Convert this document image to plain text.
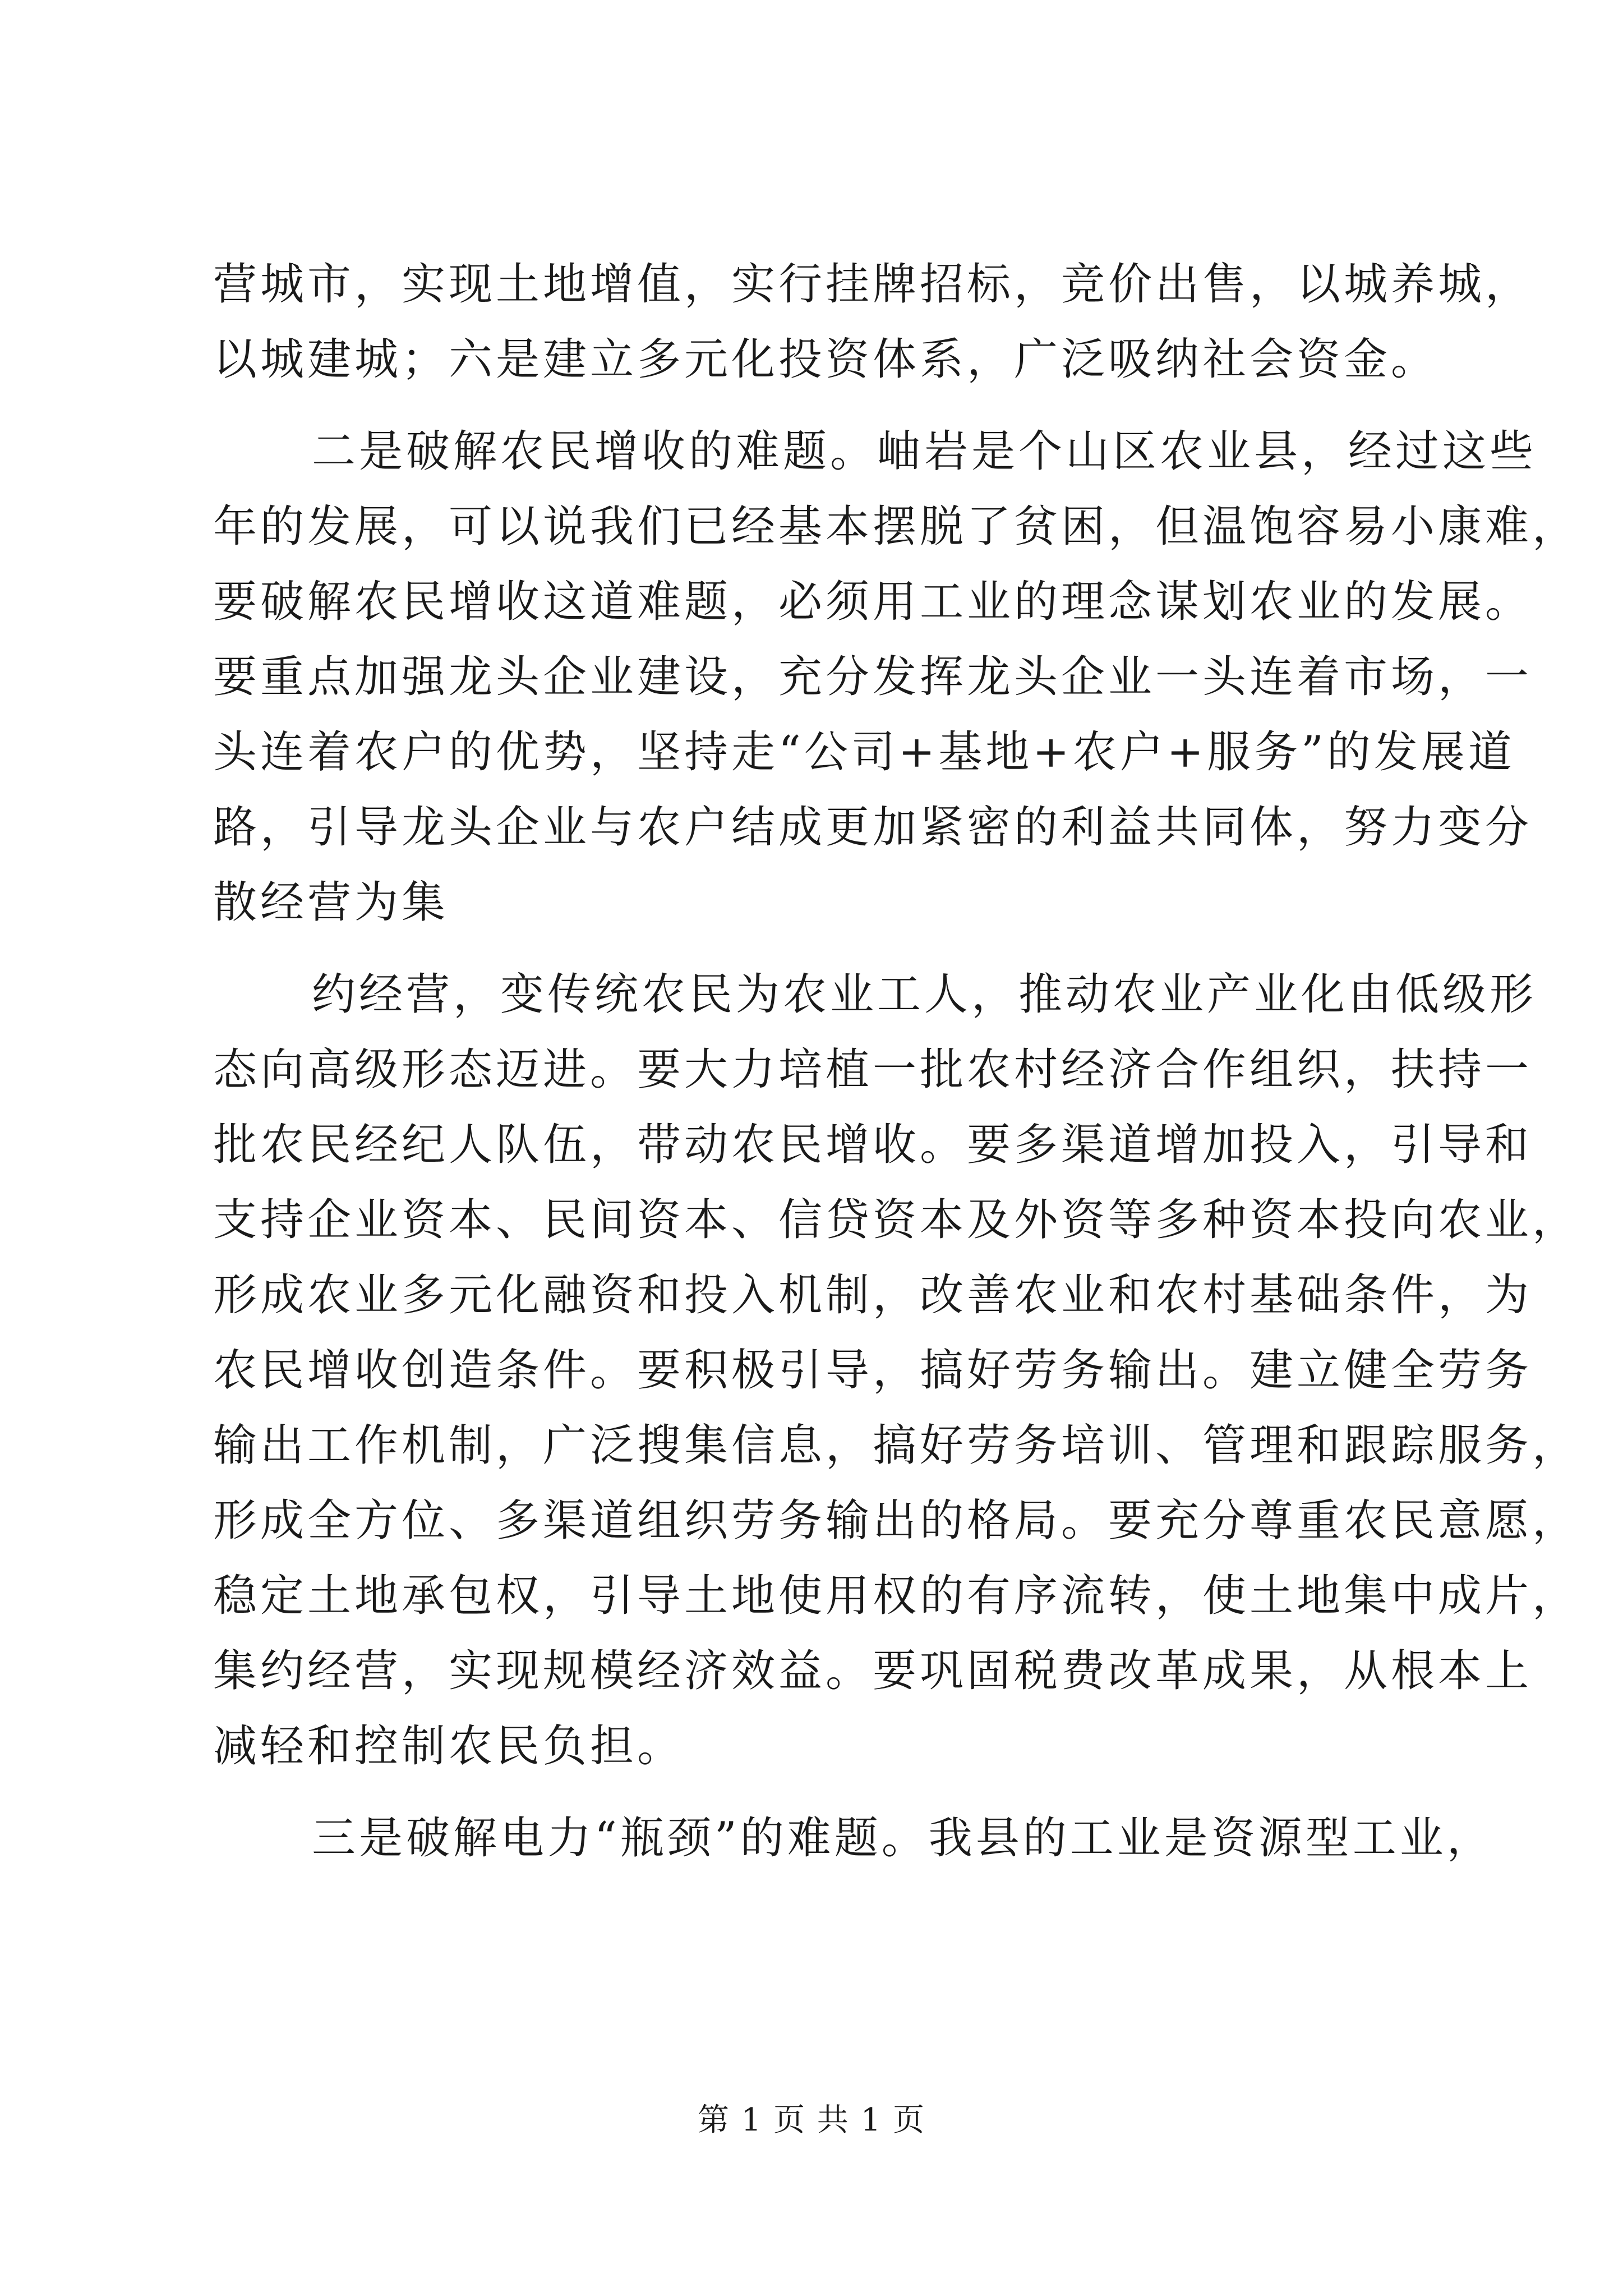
营城市，实现土地增值，实行挂牌招标，竞价出售，以城养城，
以城建城；六是建立多元化投资体系，广泛吸纳社会资金。
二是破解农民增收的难题。岫岩是个山区农业县，经过这些
年的发展，可以说我们已经基本摆脱了贫困，但温饱容易小康难，
要破解农民增收这道难题，必须用工业的理念谋划农业的发展。
要重点加强龙头企业建设，充分发挥龙头企业一头连着市场，一
头连着农户的优势，坚持走“公司+基地+农户+服务”的发展道
路，引导龙头企业与农户结成更加紧密的利益共同体，努力变分
散经营为集
约经营，变传统农民为农业工人，推动农业产业化由低级形
态向高级形态迈进。要大力培植一批农村经济合作组织，扶持一
批农民经纪人队伍，带动农民增收。要多渠道增加投入，引导和
支持企业资本、民间资本、信贷资本及外资等多种资本投向农业，
形成农业多元化融资和投入机制，改善农业和农村基础条件，为
农民增收创造条件。要积极引导，搞好劳务输出。建立健全劳务
输出工作机制，广泛搜集信息，搞好劳务培训、管理和跟踪服务，
形成全方位、多渠道组织劳务输出的格局。要充分尊重农民意愿，
稳定土地承包权，引导土地使用权的有序流转，使土地集中成片，
集约经营，实现规模经济效益。要巩固税费改革成果，从根本上
减轻和控制农民负担。
三是破解电力“瓶颈”的难题。我县的工业是资源型工业，
第 1 页 共 1 页
